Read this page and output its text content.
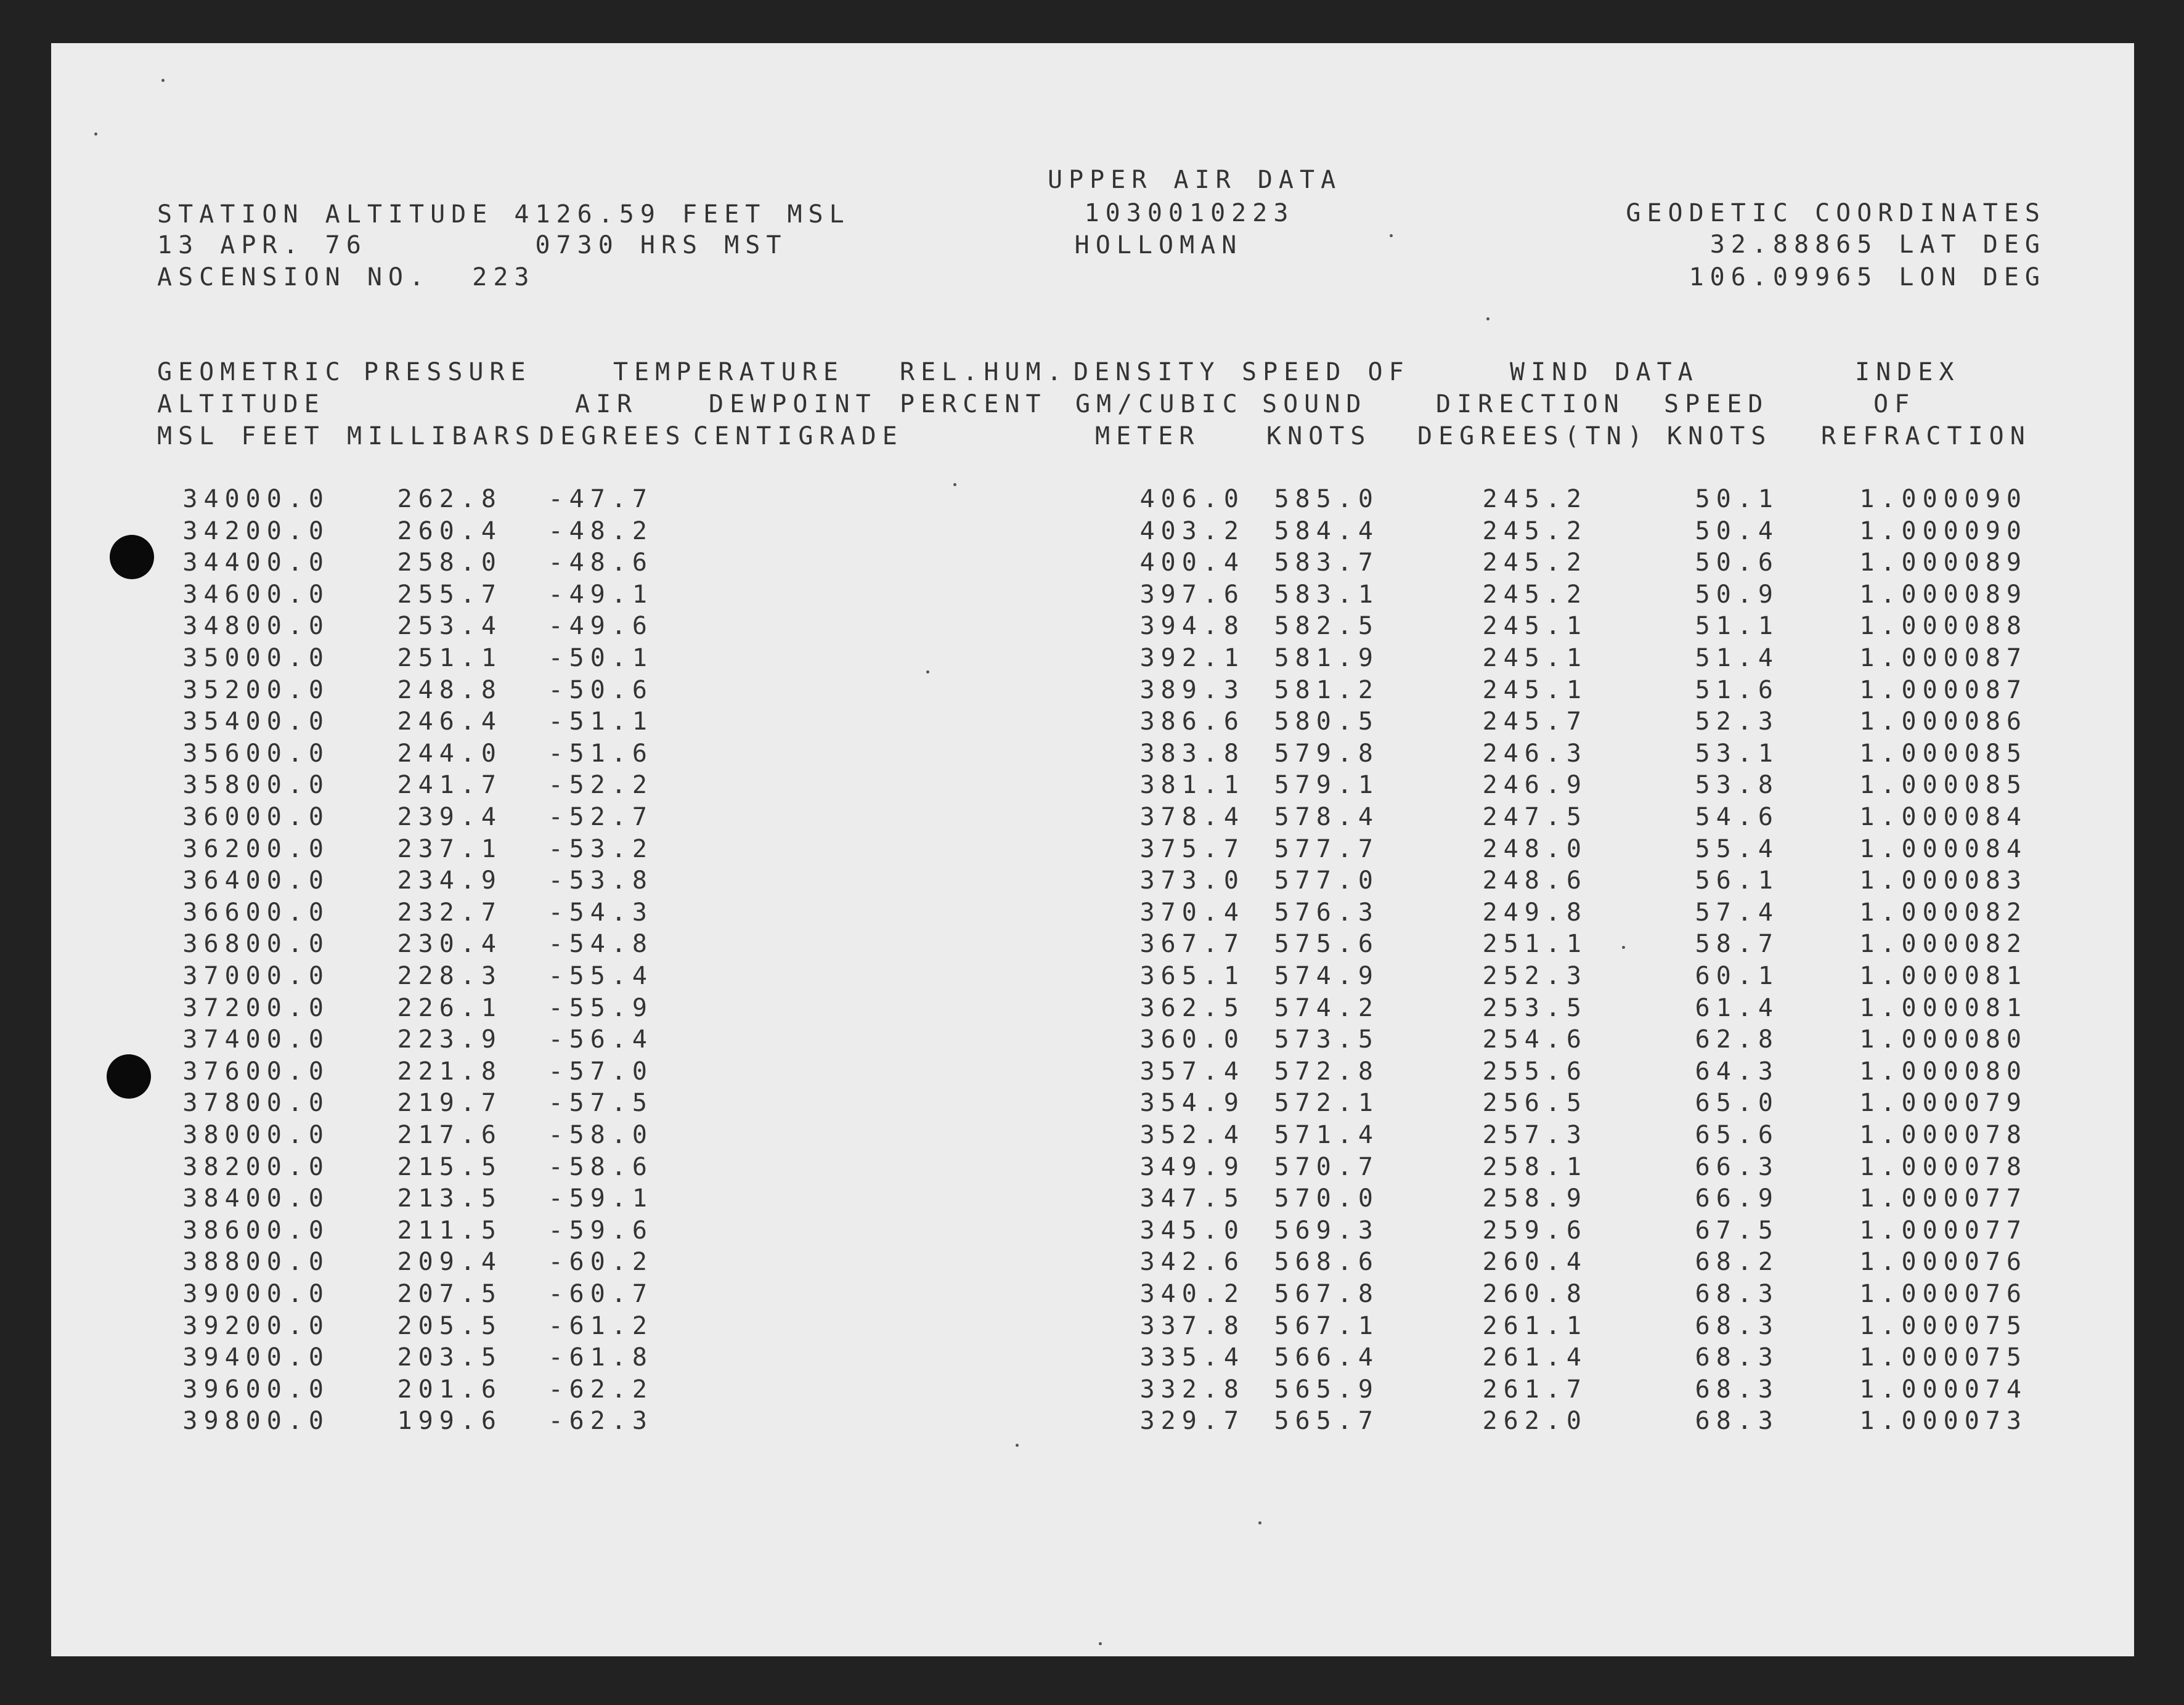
UPPER AIR DATA
1030010223
HOLLOMAN
STATION ALTITUDE 4126.59 FEET MSL
13 APR. 76        0730 HRS MST
ASCENSION NO.  223
GEODETIC COORDINATES
32.88865 LAT DEG
106.09965 LON DEG
GEOMETRIC
ALTITUDE
MSL FEET
PRESSURE
MILLIBARS
TEMPERATURE
AIR
DEGREES
DEWPOINT
CENTIGRADE
REL.HUM.
PERCENT
DENSITY
GM/CUBIC
METER
SPEED OF
SOUND
KNOTS
WIND DATA
DIRECTION
DEGREES(TN)
SPEED
KNOTS
INDEX
OF
REFRACTION
34000.0	262.8	-47.7	406.0	585.0	245.2	50.1	1.000090
34200.0	260.4	-48.2	403.2	584.4	245.2	50.4	1.000090
34400.0	258.0	-48.6	400.4	583.7	245.2	50.6	1.000089
34600.0	255.7	-49.1	397.6	583.1	245.2	50.9	1.000089
34800.0	253.4	-49.6	394.8	582.5	245.1	51.1	1.000088
35000.0	251.1	-50.1	392.1	581.9	245.1	51.4	1.000087
35200.0	248.8	-50.6	389.3	581.2	245.1	51.6	1.000087
35400.0	246.4	-51.1	386.6	580.5	245.7	52.3	1.000086
35600.0	244.0	-51.6	383.8	579.8	246.3	53.1	1.000085
35800.0	241.7	-52.2	381.1	579.1	246.9	53.8	1.000085
36000.0	239.4	-52.7	378.4	578.4	247.5	54.6	1.000084
36200.0	237.1	-53.2	375.7	577.7	248.0	55.4	1.000084
36400.0	234.9	-53.8	373.0	577.0	248.6	56.1	1.000083
36600.0	232.7	-54.3	370.4	576.3	249.8	57.4	1.000082
36800.0	230.4	-54.8	367.7	575.6	251.1	58.7	1.000082
37000.0	228.3	-55.4	365.1	574.9	252.3	60.1	1.000081
37200.0	226.1	-55.9	362.5	574.2	253.5	61.4	1.000081
37400.0	223.9	-56.4	360.0	573.5	254.6	62.8	1.000080
37600.0	221.8	-57.0	357.4	572.8	255.6	64.3	1.000080
37800.0	219.7	-57.5	354.9	572.1	256.5	65.0	1.000079
38000.0	217.6	-58.0	352.4	571.4	257.3	65.6	1.000078
38200.0	215.5	-58.6	349.9	570.7	258.1	66.3	1.000078
38400.0	213.5	-59.1	347.5	570.0	258.9	66.9	1.000077
38600.0	211.5	-59.6	345.0	569.3	259.6	67.5	1.000077
38800.0	209.4	-60.2	342.6	568.6	260.4	68.2	1.000076
39000.0	207.5	-60.7	340.2	567.8	260.8	68.3	1.000076
39200.0	205.5	-61.2	337.8	567.1	261.1	68.3	1.000075
39400.0	203.5	-61.8	335.4	566.4	261.4	68.3	1.000075
39600.0	201.6	-62.2	332.8	565.9	261.7	68.3	1.000074
39800.0	199.6	-62.3	329.7	565.7	262.0	68.3	1.000073
